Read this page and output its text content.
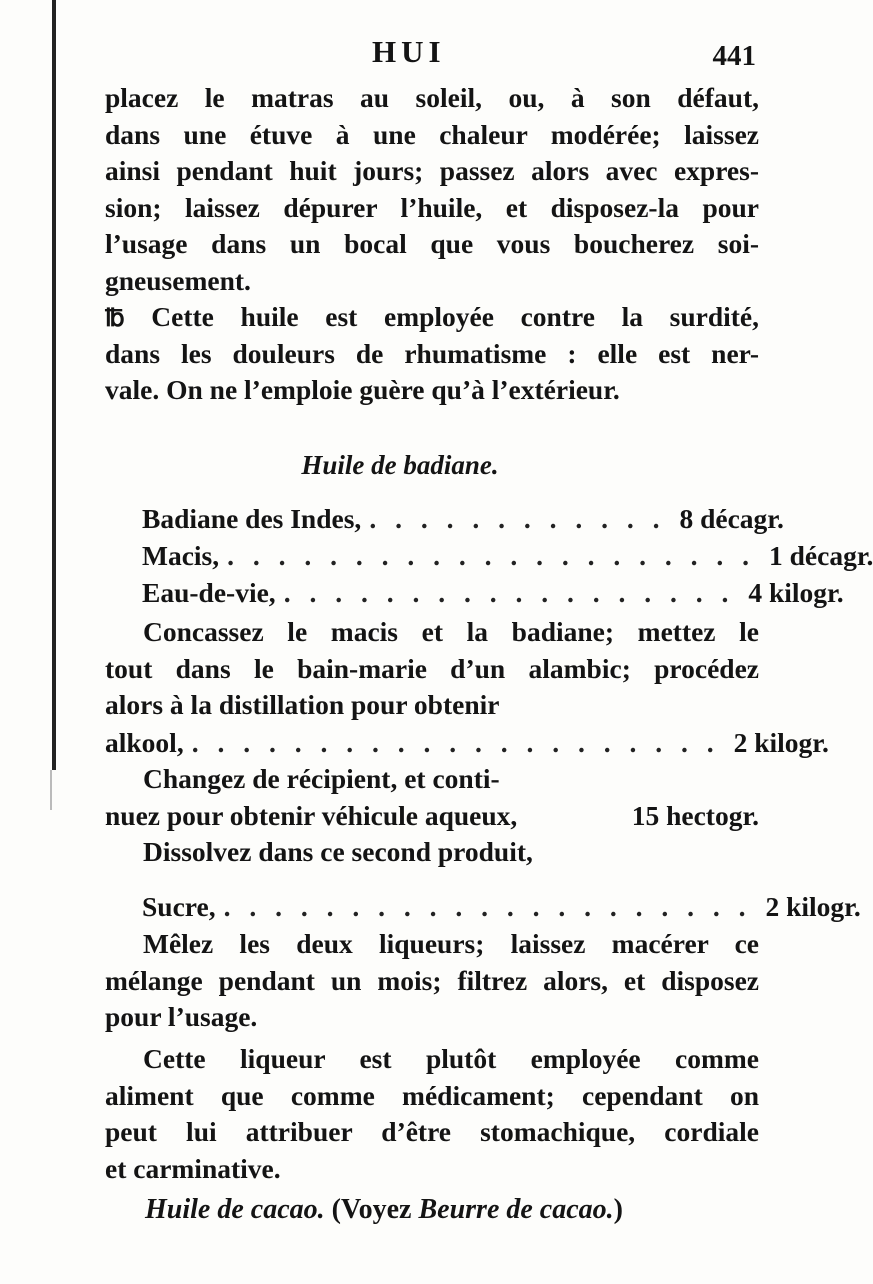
HUI	441
placez le matras au soleil, ou, à son défaut,
dans une étuve à une chaleur modérée; laissez
ainsi pendant huit jours; passez alors avec expres-
sion; laissez dépurer l’huile, et disposez-la pour
l’usage dans un bocal que vous boucherez soi-
gneusement.
℔ Cette huile est employée contre la surdité,
dans les douleurs de rhumatisme : elle est ner-
vale. On ne l’emploie guère qu’à l’extérieur.
Huile de badiane.
Badiane des Indes, . . . . . . . . . . . . 8 décagr.
Macis, . . . . . . . . . . . . . . . . . . . . . 1 décagr.
Eau-de-vie, . . . . . . . . . . . . . . . . . . 4 kilogr.
Concassez le macis et la badiane; mettez le
tout dans le bain-marie d’un alambic; procédez
alors à la distillation pour obtenir
alkool, . . . . . . . . . . . . . . . . . . . . . 2 kilogr.
Changez de récipient, et conti-
nuez pour obtenir véhicule aqueux,	15 hectogr.
Dissolvez dans ce second produit,
Sucre, . . . . . . . . . . . . . . . . . . . . . 2 kilogr.
Mêlez les deux liqueurs; laissez macérer ce
mélange pendant un mois; filtrez alors, et disposez
pour l’usage.
Cette liqueur est plutôt employée comme
aliment que comme médicament; cependant on
peut lui attribuer d’être stomachique, cordiale
et carminative.
Huile de cacao. (Voyez Beurre de cacao.)
